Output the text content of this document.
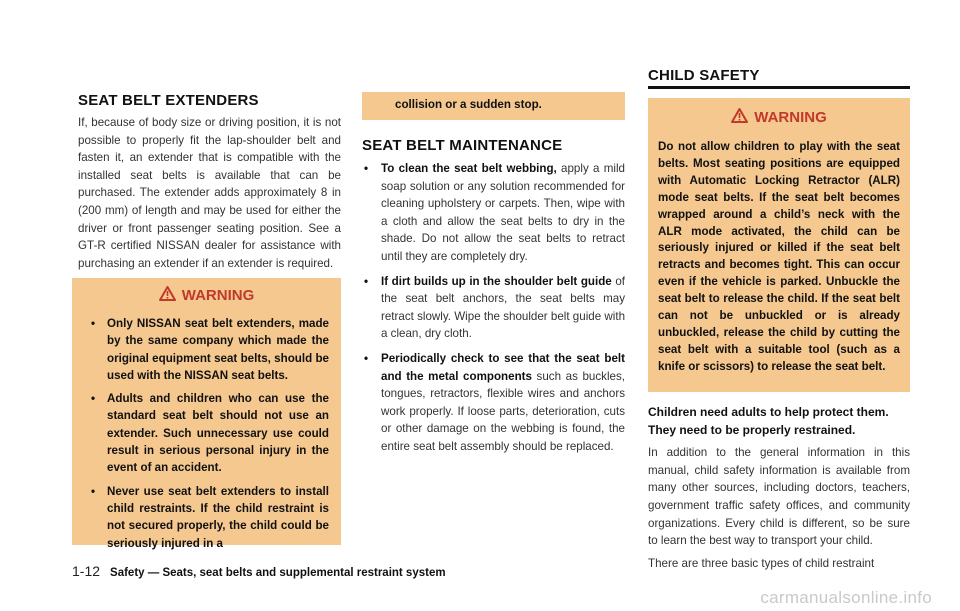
SEAT BELT EXTENDERS

If, because of body size or driving position, it is not possible to properly fit the lap-shoulder belt and fasten it, an extender that is compatible with the installed seat belts is available that can be purchased. The extender adds approximately 8 in (200 mm) of length and may be used for either the driver or front passenger seating position. See a GT-R certified NISSAN dealer for assistance with purchasing an extender if an extender is required.

WARNING
• Only NISSAN seat belt extenders, made by the same company which made the original equipment seat belts, should be used with the NISSAN seat belts.
• Adults and children who can use the standard seat belt should not use an extender. Such unnecessary use could result in serious personal injury in the event of an accident.
• Never use seat belt extenders to install child restraints. If the child restraint is not secured properly, the child could be seriously injured in a
collision or a sudden stop.
SEAT BELT MAINTENANCE
• To clean the seat belt webbing, apply a mild soap solution or any solution recommended for cleaning upholstery or carpets. Then, wipe with a cloth and allow the seat belts to dry in the shade. Do not allow the seat belts to retract until they are completely dry.
• If dirt builds up in the shoulder belt guide of the seat belt anchors, the seat belts may retract slowly. Wipe the shoulder belt guide with a clean, dry cloth.
• Periodically check to see that the seat belt and the metal components such as buckles, tongues, retractors, flexible wires and anchors work properly. If loose parts, deterioration, cuts or other damage on the webbing is found, the entire seat belt assembly should be replaced.
CHILD SAFETY
WARNING
Do not allow children to play with the seat belts. Most seating positions are equipped with Automatic Locking Retractor (ALR) mode seat belts. If the seat belt becomes wrapped around a child’s neck with the ALR mode activated, the child can be seriously injured or killed if the seat belt retracts and becomes tight. This can occur even if the vehicle is parked. Unbuckle the seat belt to release the child. If the seat belt can not be unbuckled or is already unbuckled, release the child by cutting the seat belt with a suitable tool (such as a knife or scissors) to release the seat belt.

Children need adults to help protect them. They need to be properly restrained.

In addition to the general information in this manual, child safety information is available from many other sources, including doctors, teachers, government traffic safety offices, and community organizations. Every child is different, so be sure to learn the best way to transport your child.

There are three basic types of child restraint

1-12 Safety — Seats, seat belts and supplemental restraint system
carmanualsonline.info
